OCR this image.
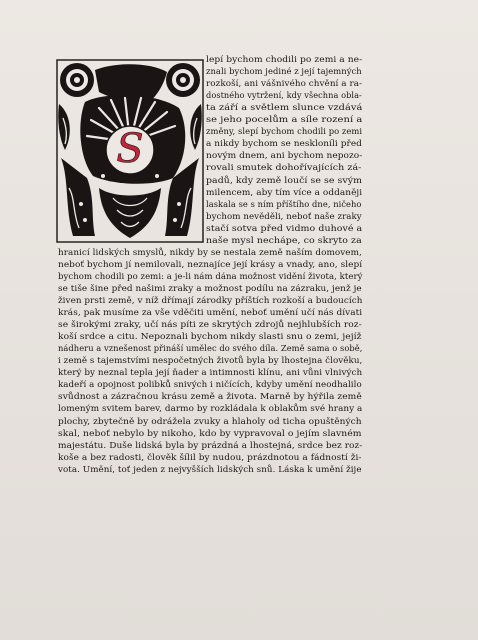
S
lepí bychom chodili po zemi a ne-
znali bychom jediné z její tajemných
rozkoší, ani vášnivého chvění a ra-
dostného vytržení, kdy všechna obla-
ta září a světlem slunce vzdává
se jeho pocelům a síle rození a
změny, slepí bychom chodili po zemi
a nikdy bychom se neskloníli před
novým dnem, ani bychom nepozo-
rovali smutek dohořívajících zá-
padů, kdy země loučí se se svým
milencem, aby tím více a oddaněji
laskala se s ním příštího dne, ničeho
bychom nevěděli, neboť naše zraky
stačí sotva před vidmo duhové a
naše mysl nechápe, co skryto za
hranicí lidských smyslů, nikdy by se nestala země naším domovem,
neboť bychom jí nemilovali, neznajíce její krásy a vnady, ano, slepí
bychom chodili po zemi: a je-li nám dána možnost vidění života, který
se tiše šine před našimi zraky a možnost podílu na zázraku, jenž je
živen prsti země, v níž dřímají zárodky příštích rozkoší a budoucích
krás, pak musíme za vše vděčiti umění, neboť umění učí nás dívati
se širokými zraky, učí nás píti ze skrytých zdrojů nejhlubších roz-
koší srdce a citu. Nepoznali bychom nikdy slasti snu o zemi, jejíž
nádheru a vznešenost přináší umělec do svého díla. Země sama o sobě,
i země s tajemstvími nespočetných životů byla by lhostejna člověku,
který by neznal tepla její ňader a intimnosti klínu, ani vůni vlnivých
kadeří a opojnost polibků snivých i ničících, kdyby umění neodhalilo
svůdnost a zázračnou krásu země a života. Marně by hýřila země
lomeným svitem barev, darmo by rozkládala k oblakům své hrany a
plochy, zbytečně by odrážela zvuky a hlaholy od ticha opuštěných
skal, neboť nebylo by nikoho, kdo by vypravoval o jejím slavném
majestátu. Duše lidská byla by prázdná a lhostejná, srdce bez roz-
koše a bez radosti, člověk šílil by nudou, prázdnotou a fádností ži-
vota. Umění, toť jeden z nejvyšších lidských snů. Láska k umění žije
